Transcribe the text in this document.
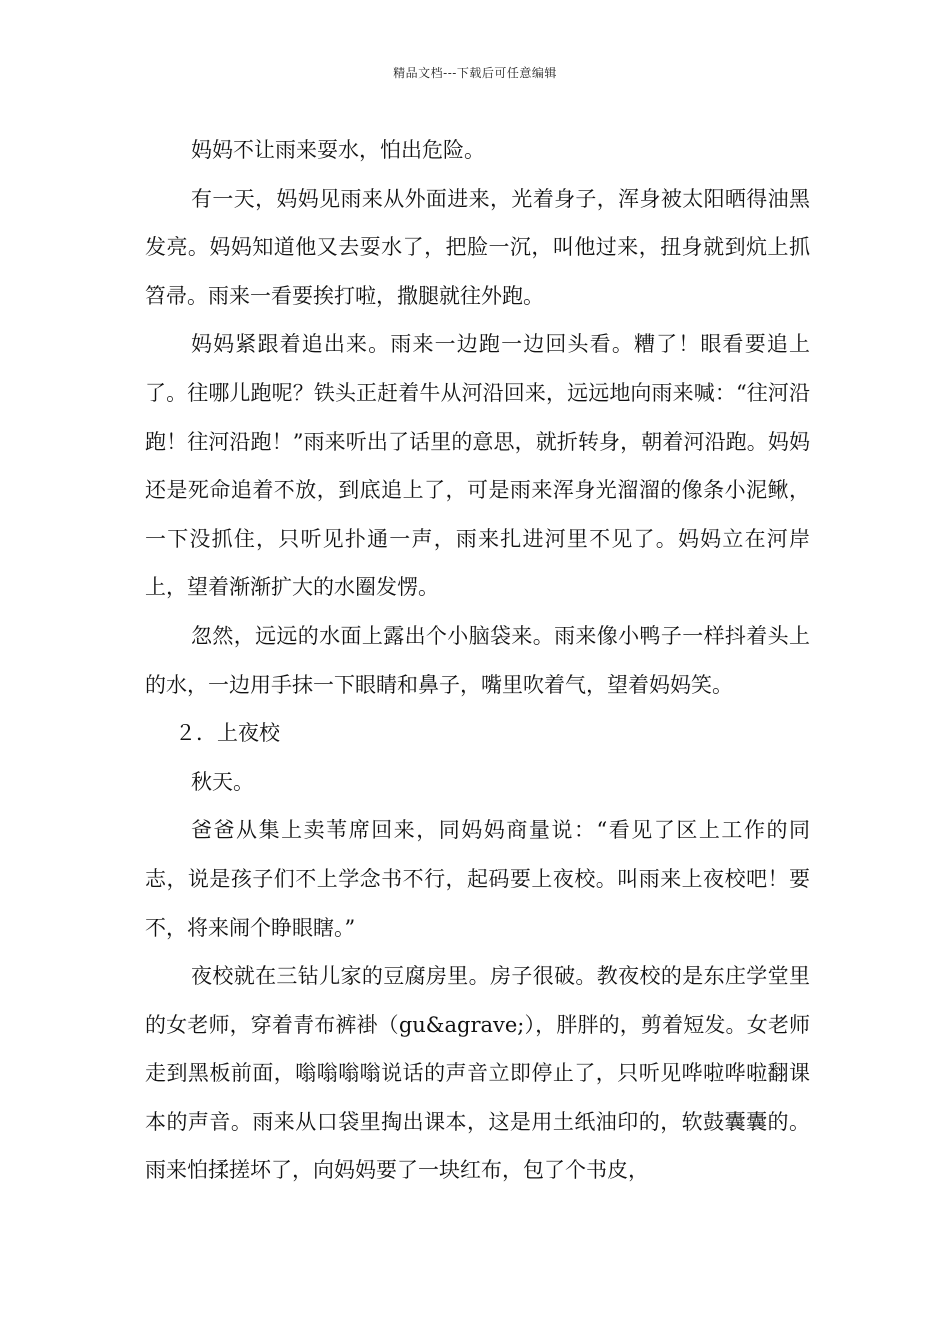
精品文档---下载后可任意编辑

妈妈不让雨来耍水，怕出危险。

有一天，妈妈见雨来从外面进来，光着身子，浑身被太阳晒得油黑发亮。妈妈知道他又去耍水了，把脸一沉，叫他过来，扭身就到炕上抓笤帚。雨来一看要挨打啦，撒腿就往外跑。

妈妈紧跟着追出来。雨来一边跑一边回头看。糟了！眼看要追上了。往哪儿跑呢？铁头正赶着牛从河沿回来，远远地向雨来喊：“往河沿跑！往河沿跑！”雨来听出了话里的意思，就折转身，朝着河沿跑。妈妈还是死命追着不放，到底追上了，可是雨来浑身光溜溜的像条小泥鳅，一下没抓住，只听见扑通一声，雨来扎进河里不见了。妈妈立在河岸上，望着渐渐扩大的水圈发愣。

忽然，远远的水面上露出个小脑袋来。雨来像小鸭子一样抖着头上的水，一边用手抹一下眼睛和鼻子，嘴里吹着气，望着妈妈笑。

２．上夜校

秋天。

爸爸从集上卖苇席回来，同妈妈商量说：“看见了区上工作的同志，说是孩子们不上学念书不行，起码要上夜校。叫雨来上夜校吧！要不，将来闹个睁眼瞎。”

夜校就在三钻儿家的豆腐房里。房子很破。教夜校的是东庄学堂里的女老师，穿着青布裤褂（gu&agrave;），胖胖的，剪着短发。女老师走到黑板前面，嗡嗡嗡嗡说话的声音立即停止了，只听见哗啦哗啦翻课本的声音。雨来从口袋里掏出课本，这是用土纸油印的，软鼓囊囊的。雨来怕揉搓坏了，向妈妈要了一块红布，包了个书皮，
